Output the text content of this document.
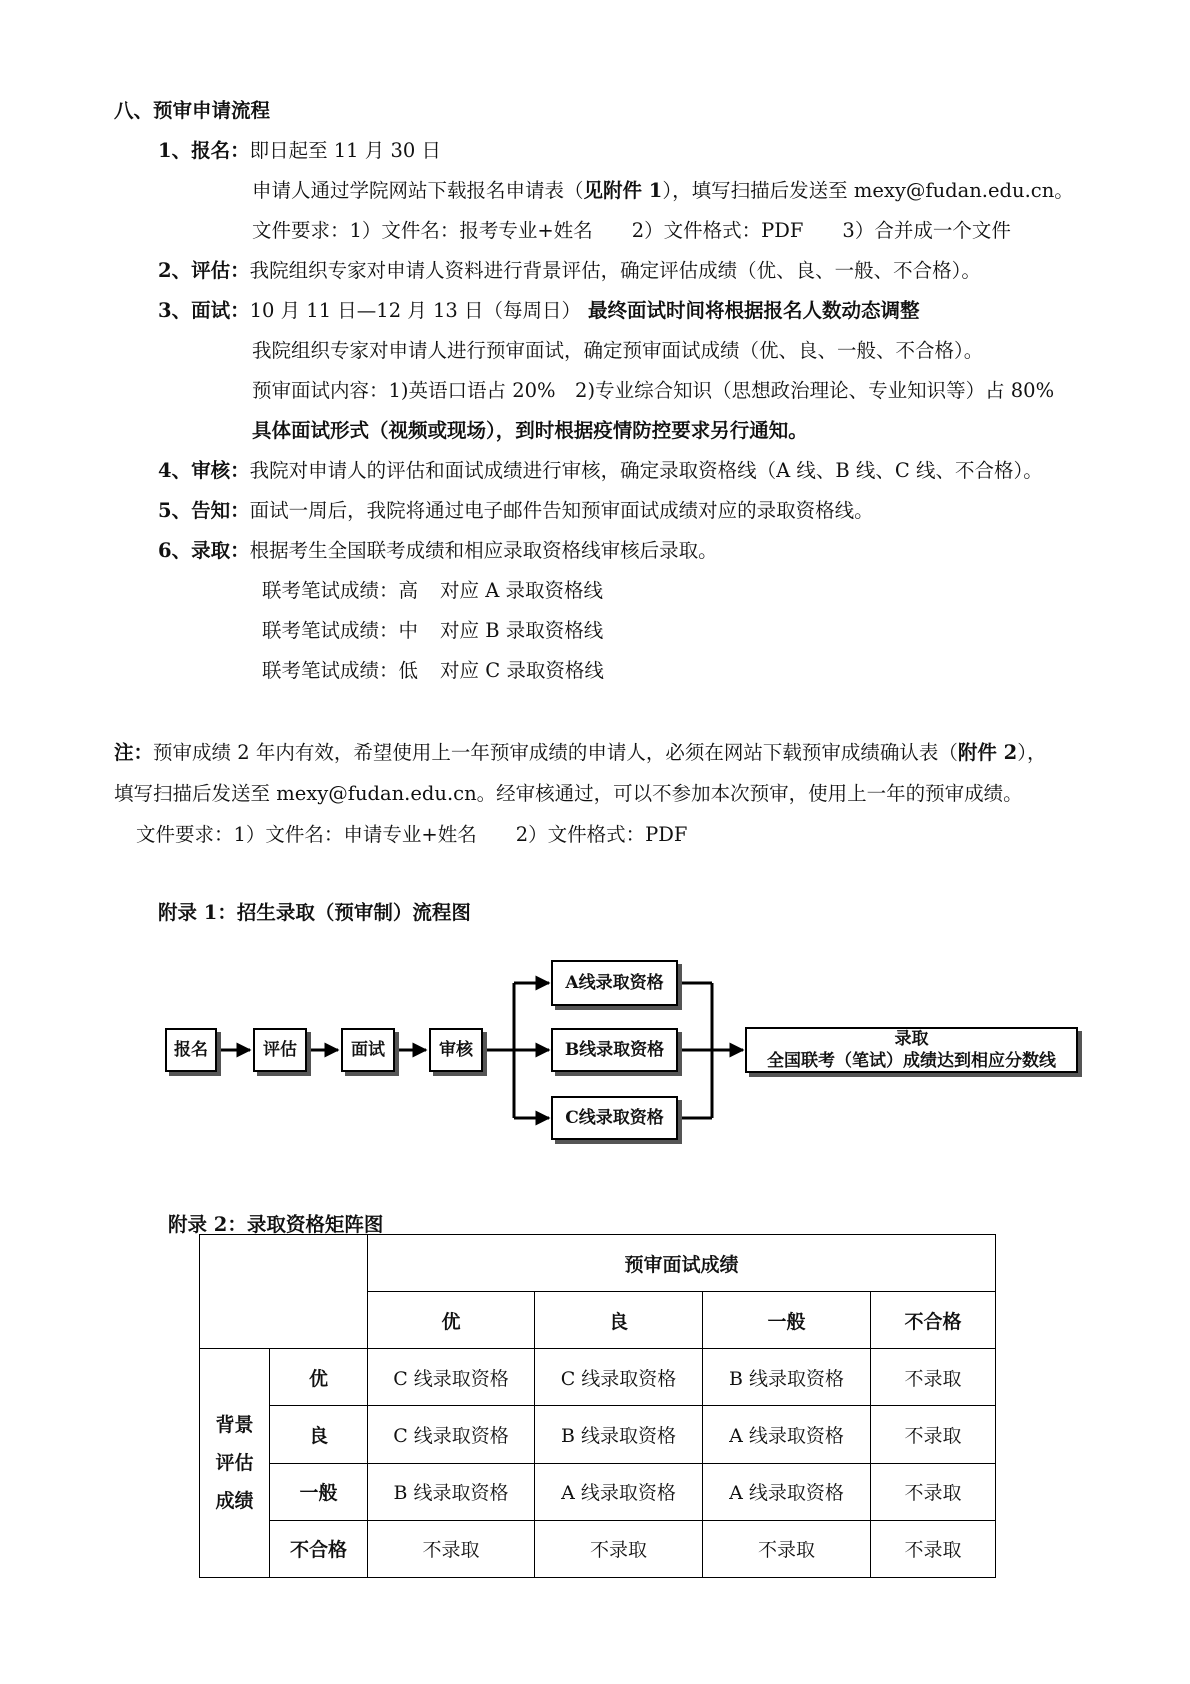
八、预审申请流程
1、报名：即日起至 11 月 30 日
申请人通过学院网站下载报名申请表（见附件 1），填写扫描后发送至 mexy@fudan.edu.cn。
文件要求：1）文件名：报考专业+姓名　　2）文件格式：PDF　　3）合并成一个文件
2、评估：我院组织专家对申请人资料进行背景评估，确定评估成绩（优、良、一般、不合格）。
3、面试：10 月 11 日—12 月 13 日（每周日） 最终面试时间将根据报名人数动态调整
我院组织专家对申请人进行预审面试，确定预审面试成绩（优、良、一般、不合格）。
预审面试内容：1)英语口语占 20%　2)专业综合知识（思想政治理论、专业知识等）占 80%
具体面试形式（视频或现场），到时根据疫情防控要求另行通知。
4、审核：我院对申请人的评估和面试成绩进行审核，确定录取资格线（A 线、B 线、C 线、不合格）。
5、告知：面试一周后，我院将通过电子邮件告知预审面试成绩对应的录取资格线。
6、录取：根据考生全国联考成绩和相应录取资格线审核后录取。
联考笔试成绩：高 对应 A 录取资格线
联考笔试成绩：中 对应 B 录取资格线
联考笔试成绩：低 对应 C 录取资格线
注：预审成绩 2 年内有效，希望使用上一年预审成绩的申请人，必须在网站下载预审成绩确认表（附件 2），
填写扫描后发送至 mexy@fudan.edu.cn。经审核通过，可以不参加本次预审，使用上一年的预审成绩。
文件要求：1）文件名：申请专业+姓名　　2）文件格式：PDF
附录 1：招生录取（预审制）流程图
报名	评估	面试	审核
A线录取资格
B线录取资格
C线录取资格
录取
全国联考（笔试）成绩达到相应分数线
附录 2：录取资格矩阵图
		预审面试成绩			
		优	良	一般	不合格
背景
评估
成绩	优	C 线录取资格	C 线录取资格	B 线录取资格	不录取
	良	C 线录取资格	B 线录取资格	A 线录取资格	不录取
	一般	B 线录取资格	A 线录取资格	A 线录取资格	不录取
	不合格	不录取	不录取	不录取	不录取
